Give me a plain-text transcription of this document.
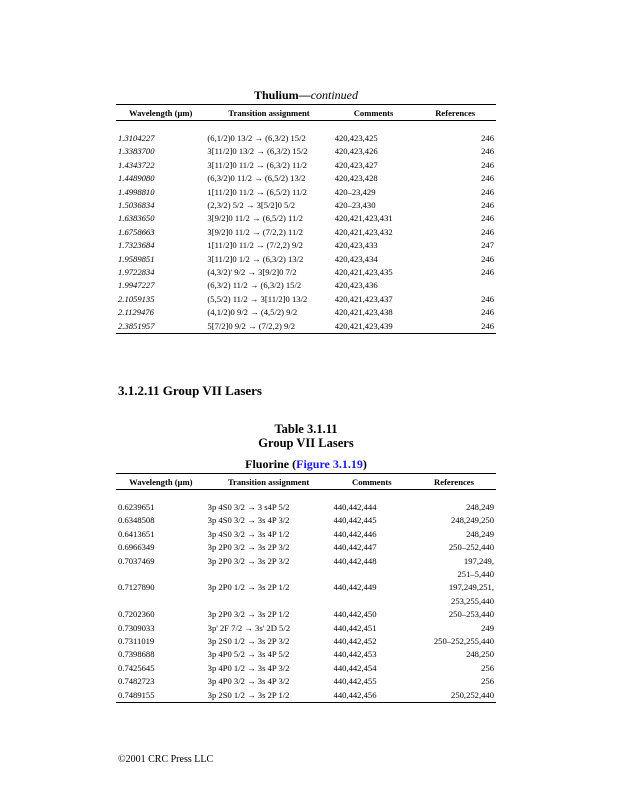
Thulium—continued
Wavelength (μm)	Transition assignment	Comments	References

1.3104227	(6,1/2)0 13/2 → (6,3/2) 15/2	420,423,425	246
1.3383700	3[11/2]0 13/2 → (6,3/2) 15/2	420,423,426	246
1.4343722	3[11/2]0 11/2 → (6,3/2) 11/2	420,423,427	246
1.4489080	(6,3/2)0 11/2 → (6,5/2) 13/2	420,423,428	246
1.4998810	1[11/2]0 11/2 → (6,5/2) 11/2	420–23,429	246
1.5036834	(2,3/2) 5/2 → 3[5/2]0 5/2	420–23,430	246
1.6383650	3[9/2]0 11/2 → (6,5/2) 11/2	420,421,423,431	246
1.6758663	3[9/2]0 11/2 → (7/2,2) 11/2	420,421,423,432	246
1.7323684	1[11/2]0 11/2 → (7/2,2) 9/2	420,423,433	247
1.9589851	3[11/2]0 1/2 → (6,3/2) 13/2	420,423,434	246
1.9722834	(4,3/2)' 9/2 → 3[9/2]0 7/2	420,421,423,435	246
1.9947227	(6,3/2) 11/2 → (6,3/2) 15/2	420,423,436	
2.1059135	(5,5/2) 11/2 → 3[11/2]0 13/2	420,421,423,437	246
2.1129476	(4,1/2)0 9/2 → (4,5/2) 9/2	420,421,423,438	246
2.3851957	5[7/2]0 9/2 → (7/2,2) 9/2	420,421,423,439	246
3.1.2.11 Group VII Lasers
Table 3.1.11
Group VII Lasers
Fluorine (Figure 3.1.19)
Wavelength (μm)	Transition assignment	Comments	References

0.6239651	3p 4S0 3/2 → 3 s4P 5/2	440,442,444	248,249
0.6348508	3p 4S0 3/2 → 3s 4P 3/2	440,442,445	248,249,250
0.6413651	3p 4S0 3/2 → 3s 4P 1/2	440,442,446	248,249
0.6966349	3p 2P0 3/2 → 3s 2P 3/2	440,442,447	250–252,440
0.7037469	3p 2P0 3/2 → 3s 2P 3/2	440,442,448	197,249,
			251–5,440
0.7127890	3p 2P0 1/2 → 3s 2P 1/2	440,442,449	197,249,251,
			253,255,440
0.7202360	3p 2P0 3/2 → 3s 2P 1/2	440,442,450	250–253,440
0.7309033	3p' 2F 7/2 → 3s' 2D 5/2	440,442,451	249
0.7311019	3p 2S0 1/2 → 3s 2P 3/2	440,442,452	250–252,255,440
0.7398688	3p 4P0 5/2 → 3s 4P 5/2	440,442,453	248,250
0.7425645	3p 4P0 1/2 → 3s 4P 3/2	440,442,454	256
0.7482723	3p 4P0 3/2 → 3s 4P 3/2	440,442,455	256
0.7489155	3p 2S0 1/2 → 3s 2P 1/2	440,442,456	250,252,440
©2001 CRC Press LLC
